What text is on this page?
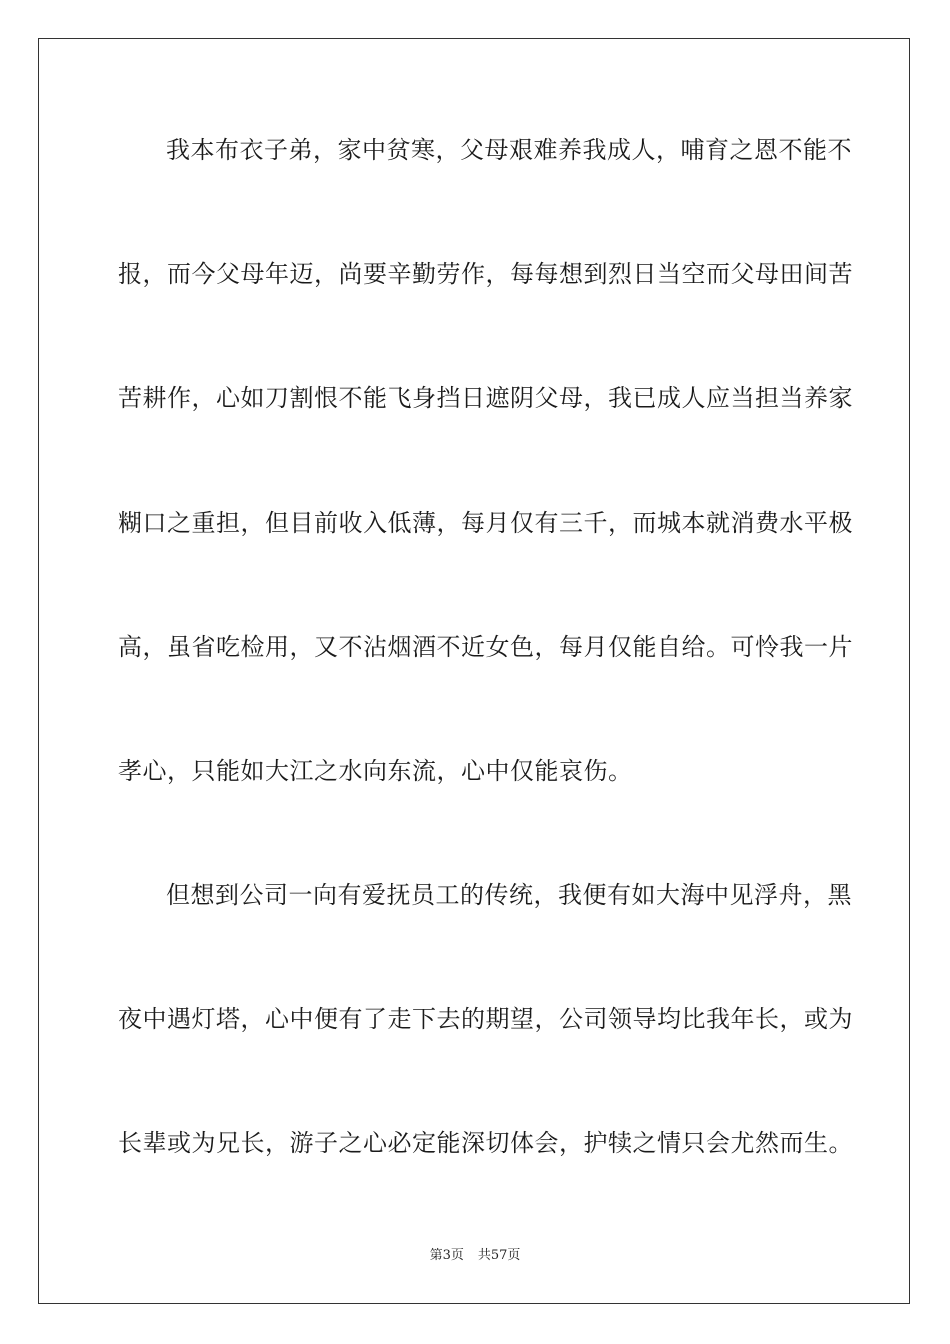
我本布衣子弟，家中贫寒，父母艰难养我成人，哺育之恩不能不
报，而今父母年迈，尚要辛勤劳作，每每想到烈日当空而父母田间苦
苦耕作，心如刀割恨不能飞身挡日遮阴父母，我已成人应当担当养家
糊口之重担，但目前收入低薄，每月仅有三千，而城本就消费水平极
高，虽省吃检用，又不沾烟酒不近女色，每月仅能自给。可怜我一片
孝心，只能如大江之水向东流，心中仅能哀伤。
但想到公司一向有爱抚员工的传统，我便有如大海中见浮舟，黑
夜中遇灯塔，心中便有了走下去的期望，公司领导均比我年长，或为
长辈或为兄长，游子之心必定能深切体会，护犊之情只会尤然而生。
第3页 共57页
